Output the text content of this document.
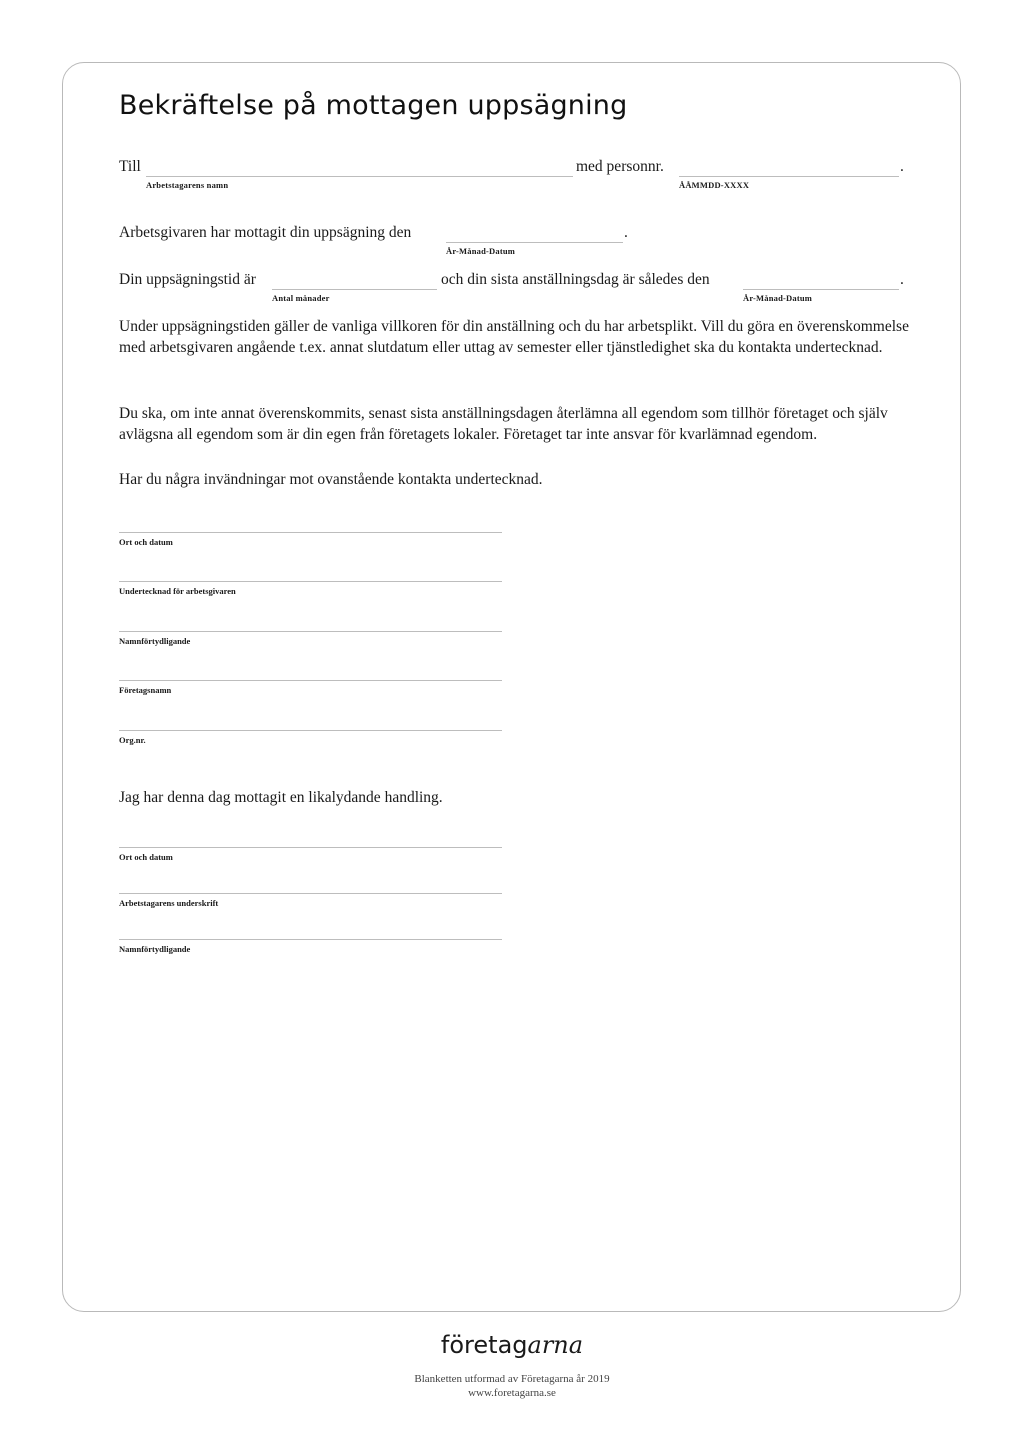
Bekräftelse på mottagen uppsägning
Till
Arbetstagarens namn
med personnr.
ÅÅMMDD-XXXX
.
Arbetsgivaren har mottagit din uppsägning den
År-Månad-Datum
.
Din uppsägningstid är
Antal månader
och din sista anställningsdag är således den
År-Månad-Datum
.

Under uppsägningstiden gäller de vanliga villkoren för din anställning och du har arbetsplikt. Vill du göra en överenskommelse med arbetsgivaren angående t.ex. annat slutdatum eller uttag av semester eller tjänstledighet ska du kontakta undertecknad.

Du ska, om inte annat överenskommits, senast sista anställningsdagen återlämna all egendom som tillhör företaget och själv avlägsna all egendom som är din egen från företagets lokaler. Företaget tar inte ansvar för kvarlämnad egendom.

Har du några invändningar mot ovanstående kontakta undertecknad.

Ort och datum
Undertecknad för arbetsgivaren
Namnförtydligande
Företagsnamn
Org.nr.

Jag har denna dag mottagit en likalydande handling.

Ort och datum
Arbetstagarens underskrift
Namnförtydligande
företagarna
Blanketten utformad av Företagarna år 2019
www.foretagarna.se
